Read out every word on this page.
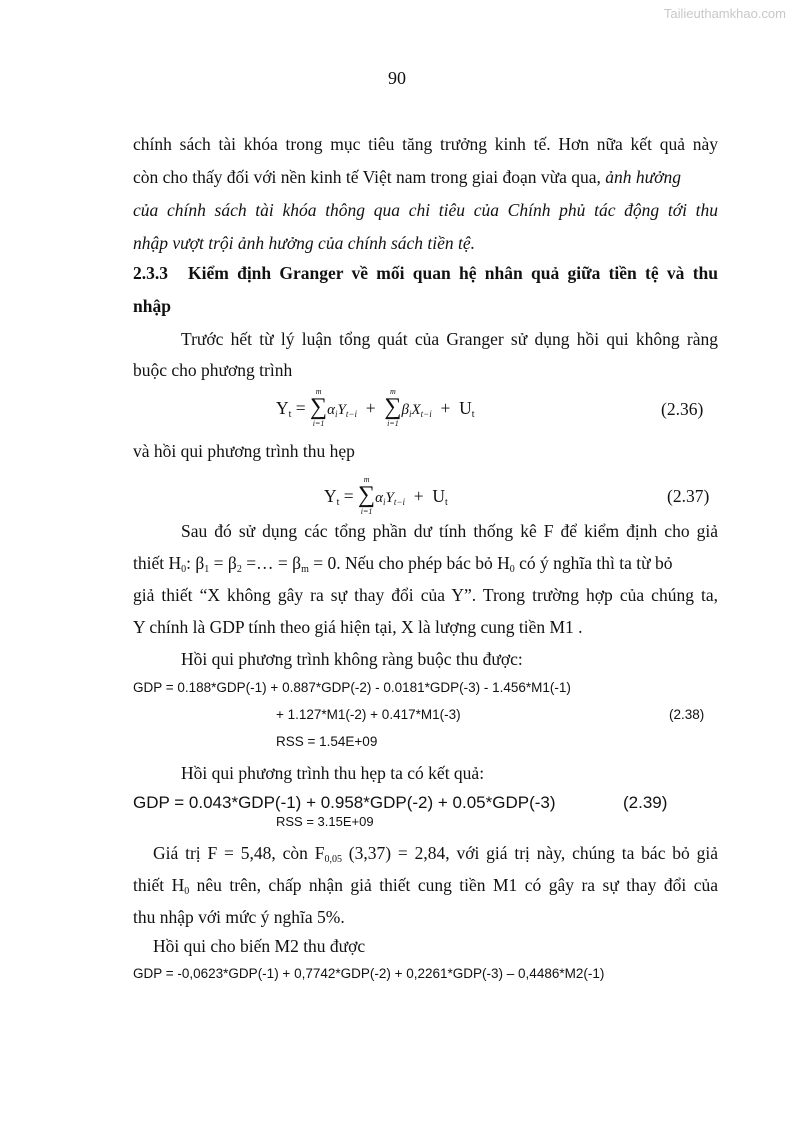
Tailieuthamkhao.com
90
chính sách tài khóa trong mục tiêu tăng trưởng kinh tế. Hơn nữa kết quả này
còn cho thấy đối với nền kinh tế Việt nam trong giai đoạn vừa qua, ảnh hưởng
của chính sách tài khóa thông qua chi tiêu của Chính phủ tác động tới thu
nhập vượt trội ảnh hưởng của chính sách tiền tệ.
2.3.3 Kiểm định Granger về mối quan hệ nhân quả giữa tiền tệ và thu
nhập
Trước hết từ lý luận tổng quát của Granger sử dụng hồi qui không ràng
buộc cho phương trình
$Y_t$ = ∑
m
i=1
$\alpha_iY_{t-i}$ + ∑
m
i=1
$\beta_iX_{t-i} + U_t$	(2.36)
và hồi qui phương trình thu hẹp
$Y_t$ = ∑
m
i=1
$\alpha_iY_{t-i} + U_t$	(2.37)
Sau đó sử dụng các tổng phần dư tính thống kê F để kiểm định cho giả
thiết $H_0$: $\beta_1 = \beta_2$ =… = $\beta_m = 0$. Nếu cho phép bác bỏ $H_0$ có ý nghĩa thì ta từ bỏ
giả thiết “X không gây ra sự thay đổi của Y”. Trong trường hợp của chúng ta,
Y chính là GDP tính theo giá hiện tại, X là lượng cung tiền M1 .
Hồi qui phương trình không ràng buộc thu được:
GDP = 0.188*GDP(-1) + 0.887*GDP(-2) - 0.0181*GDP(-3) - 1.456*M1(-1)
+ 1.127*M1(-2) + 0.417*M1(-3)	(2.38)
RSS = 1.54E+09
Hồi qui phương trình thu hẹp ta có kết quả:
GDP = 0.043*GDP(-1) + 0.958*GDP(-2) + 0.05*GDP(-3)	(2.39)
RSS = 3.15E+09
Giá trị F = 5,48, còn $F_{0,05}$ (3,37) = 2,84, với giá trị này, chúng ta bác bỏ giả
thiết $H_0$ nêu trên, chấp nhận giả thiết cung tiền M1 có gây ra sự thay đổi của
thu nhập với mức ý nghĩa 5%.
Hồi qui cho biến M2 thu được
GDP = -0,0623*GDP(-1) + 0,7742*GDP(-2) + 0,2261*GDP(-3) – 0,4486*M2(-1)
